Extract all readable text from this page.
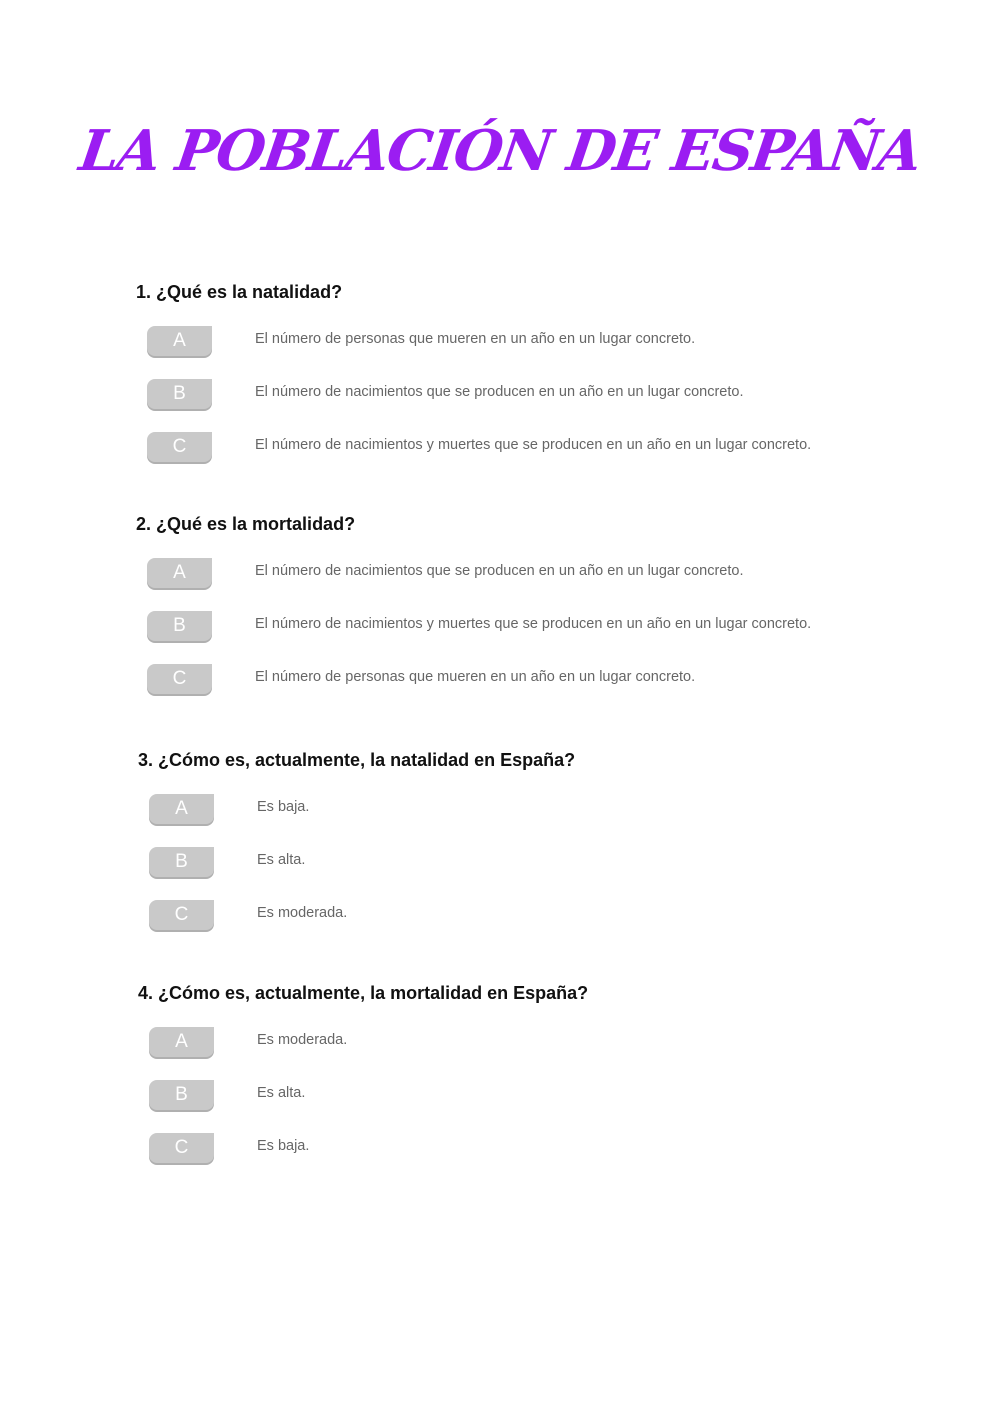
LA POBLACIÓN DE ESPAÑA
1. ¿Qué es la natalidad?
A	El número de personas que mueren en un año en un lugar concreto.
B	El número de nacimientos que se producen en un año en un lugar concreto.
C	El número de nacimientos y muertes que se producen en un año en un lugar concreto.
2. ¿Qué es la mortalidad?
A	El número de nacimientos que se producen en un año en un lugar concreto.
B	El número de nacimientos y muertes que se producen en un año en un lugar concreto.
C	El número de personas que mueren en un año en un lugar concreto.
3. ¿Cómo es, actualmente, la natalidad en España?
A	Es baja.
B	Es alta.
C	Es moderada.
4. ¿Cómo es, actualmente, la mortalidad en España?
A	Es moderada.
B	Es alta.
C	Es baja.
